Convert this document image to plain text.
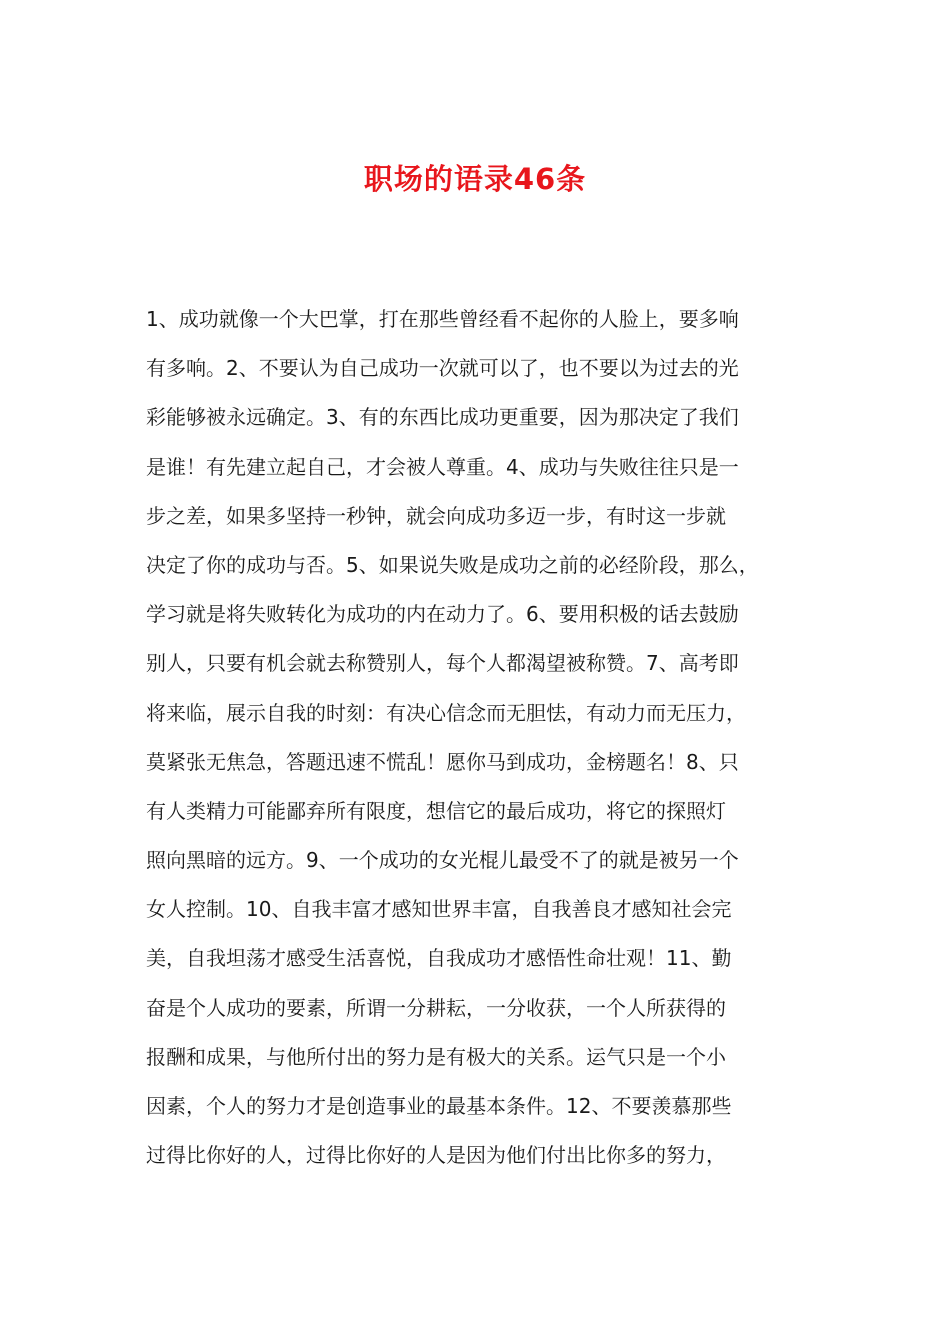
职场的语录46条
1、成功就像一个大巴掌，打在那些曾经看不起你的人脸上，要多响
有多响。2、不要认为自己成功一次就可以了，也不要以为过去的光
彩能够被永远确定。3、有的东西比成功更重要，因为那决定了我们
是谁！有先建立起自己，才会被人尊重。4、成功与失败往往只是一
步之差，如果多坚持一秒钟，就会向成功多迈一步，有时这一步就
决定了你的成功与否。5、如果说失败是成功之前的必经阶段，那么，
学习就是将失败转化为成功的内在动力了。6、要用积极的话去鼓励
别人，只要有机会就去称赞别人，每个人都渴望被称赞。7、高考即
将来临，展示自我的时刻：有决心信念而无胆怯，有动力而无压力，
莫紧张无焦急，答题迅速不慌乱！愿你马到成功，金榜题名！8、只
有人类精力可能鄙弃所有限度，想信它的最后成功，将它的探照灯
照向黑暗的远方。9、一个成功的女光棍儿最受不了的就是被另一个
女人控制。10、自我丰富才感知世界丰富，自我善良才感知社会完
美，自我坦荡才感受生活喜悦，自我成功才感悟性命壮观！11、勤
奋是个人成功的要素，所谓一分耕耘，一分收获，一个人所获得的
报酬和成果，与他所付出的努力是有极大的关系。运气只是一个小
因素，个人的努力才是创造事业的最基本条件。12、不要羡慕那些
过得比你好的人，过得比你好的人是因为他们付出比你多的努力，
